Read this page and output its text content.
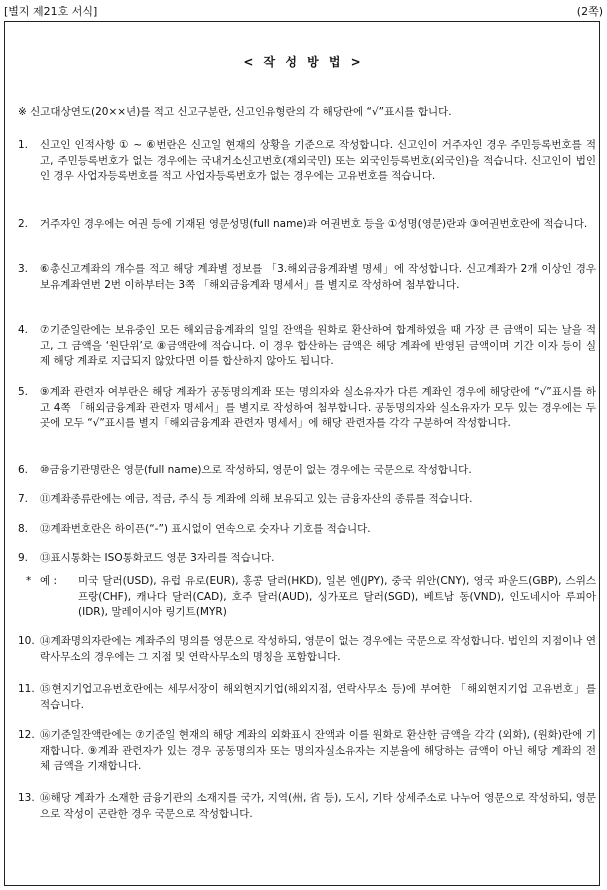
[별지 제21호 서식]	(2쪽)
< 작 성 방 법 >
※ 신고대상연도(20××년)를 적고 신고구분란, 신고인유형란의 각 해당란에 “√”표시를 합니다.
1.	신고인 인적사항 ① ~ ⑥번란은 신고일 현재의 상황을 기준으로 작성합니다. 신고인이 거주자인 경우 주민등록번호를 적고, 주민등록번호가 없는 경우에는 국내거소신고번호(재외국민) 또는 외국인등록번호(외국인)을 적습니다. 신고인이 법인인 경우 사업자등록번호를 적고 사업자등록번호가 없는 경우에는 고유번호를 적습니다.
2.	거주자인 경우에는 여권 등에 기재된 영문성명(full name)과 여권번호 등을 ①성명(영문)란과 ③여권번호란에 적습니다.
3.	⑥총신고계좌의 개수를 적고 해당 계좌별 정보를 「3.해외금융계좌별 명세」에 작성합니다. 신고계좌가 2개 이상인 경우 보유계좌연번 2번 이하부터는 3쪽 「해외금융계좌 명세서」를 별지로 작성하여 첨부합니다.
4.	⑦기준일란에는 보유중인 모든 해외금융계좌의 일일 잔액을 원화로 환산하여 합계하였을 때 가장 큰 금액이 되는 날을 적고, 그 금액을 ‘원단위’로 ⑧금액란에 적습니다. 이 경우 합산하는 금액은 해당 계좌에 반영된 금액이며 기간 이자 등이 실제 해당 계좌로 지급되지 않았다면 이를 합산하지 않아도 됩니다.
5.	⑨계좌 관련자 여부란은 해당 계좌가 공동명의계좌 또는 명의자와 실소유자가 다른 계좌인 경우에 해당란에 “√”표시를 하고 4쪽 「해외금융계좌 관련자 명세서」를 별지로 작성하여 첨부합니다. 공동명의자와 실소유자가 모두 있는 경우에는 두 곳에 모두 “√”표시를 별지「해외금융계좌 관련자 명세서」에 해당 관련자를 각각 구분하여 작성합니다.
6.	⑩금융기관명란은 영문(full name)으로 작성하되, 영문이 없는 경우에는 국문으로 작성합니다.
7.	⑪계좌종류란에는 예금, 적금, 주식 등 계좌에 의해 보유되고 있는 금융자산의 종류를 적습니다.
8.	⑫계좌번호란은 하이픈(“-”) 표시없이 연속으로 숫자나 기호를 적습니다.
9.	⑬표시통화는 ISO통화코드 영문 3자리를 적습니다.
* 예 : 미국 달러(USD), 유럽 유로(EUR), 홍콩 달러(HKD), 일본 엔(JPY), 중국 위안(CNY), 영국 파운드(GBP), 스위스 프랑(CHF), 캐나다 달러(CAD), 호주 달러(AUD), 싱가포르 달러(SGD), 베트남 동(VND), 인도네시아 루피아(IDR), 말레이시아 링기트(MYR)
10. ⑭계좌명의자란에는 계좌주의 명의를 영문으로 작성하되, 영문이 없는 경우에는 국문으로 작성합니다. 법인의 지점이나 연락사무소의 경우에는 그 지점 및 연락사무소의 명칭을 포함합니다.
11. ⑮현지기업고유번호란에는 세무서장이 해외현지기업(해외지점, 연락사무소 등)에 부여한 「해외현지기업 고유번호」를 적습니다.
12. ⑯기준일잔액란에는 ⑦기준일 현재의 해당 계좌의 외화표시 잔액과 이를 원화로 환산한 금액을 각각 (외화), (원화)란에 기재합니다. ⑨계좌 관련자가 있는 경우 공동명의자 또는 명의자실소유자는 지분율에 해당하는 금액이 아닌 해당 계좌의 전체 금액을 기재합니다.
13. ⑯해당 계좌가 소재한 금융기관의 소재지를 국가, 지역(州, 省 등), 도시, 기타 상세주소로 나누어 영문으로 작성하되, 영문으로 작성이 곤란한 경우 국문으로 작성합니다.
